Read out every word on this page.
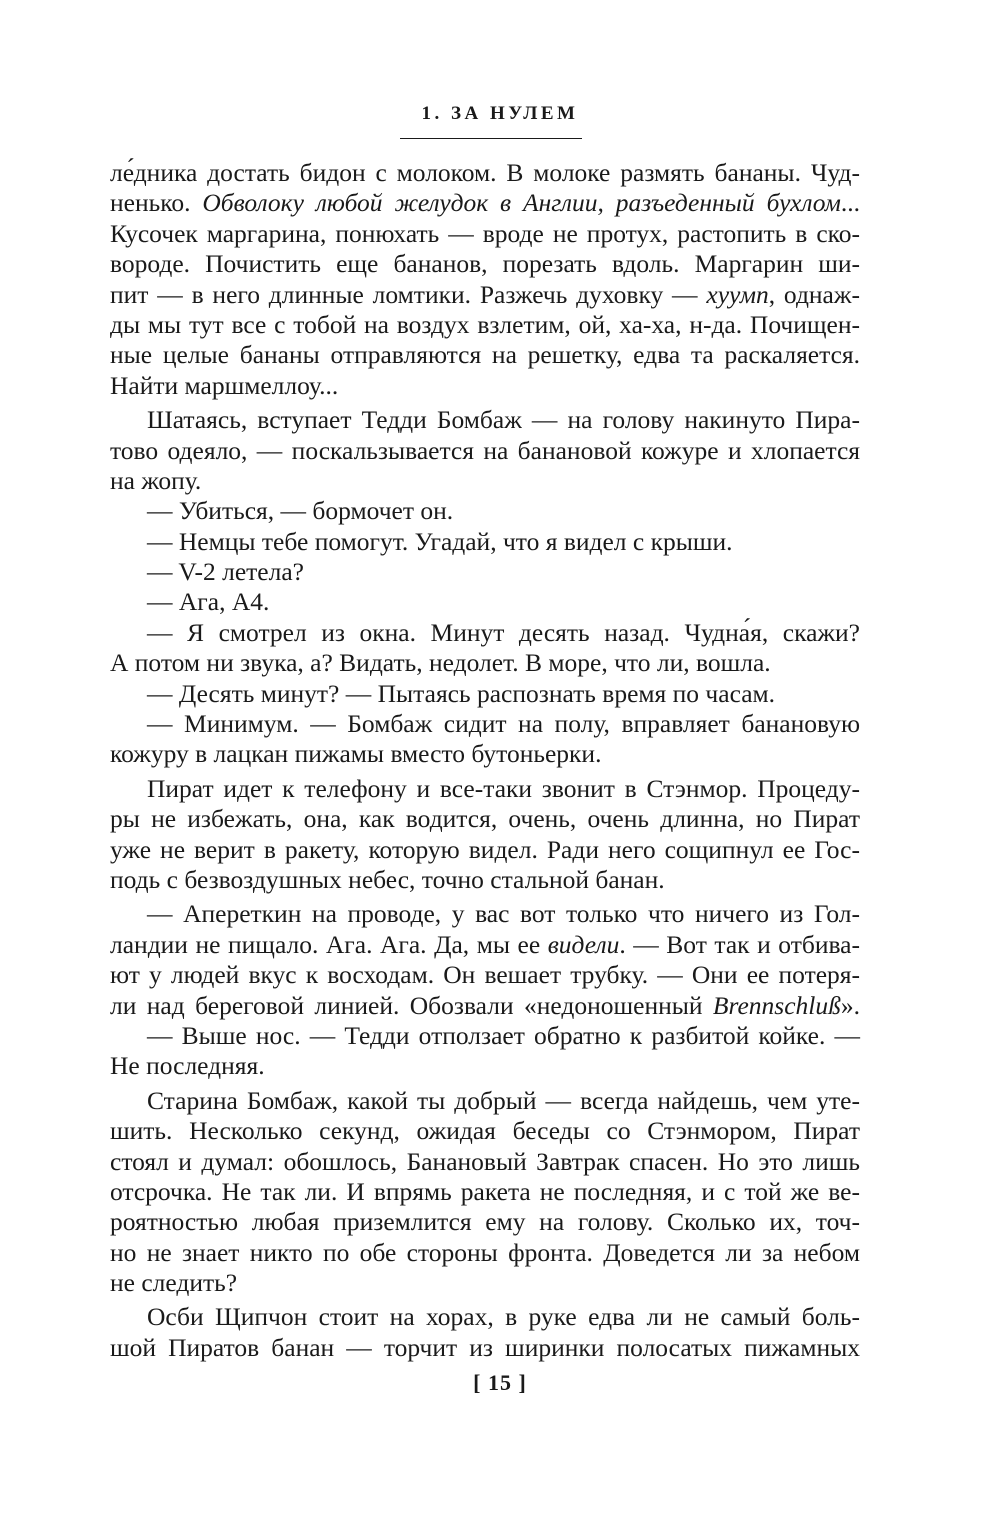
1. ЗА НУЛЕМ
ле́дника достать бидон с молоком. В молоке размять бананы. Чуд-
ненько. Обволоку любой желудок в Англии, разъеденный бухлом...
Кусочек маргарина, понюхать — вроде не протух, растопить в ско-
вороде. Почистить еще бананов, порезать вдоль. Маргарин ши-
пит — в него длинные ломтики. Разжечь духовку — хуумп, однаж-
ды мы тут все с тобой на воздух взлетим, ой, ха-ха, н-да. Почищен-
ные целые бананы отправляются на решетку, едва та раскаляется.
Найти маршмеллоу...
Шатаясь, вступает Тедди Бомбаж — на голову накинуто Пира-
тово одеяло, — поскальзывается на банановой кожуре и хлопается
на жопу.
— Убиться, — бормочет он.
— Немцы тебе помогут. Угадай, что я видел с крыши.
— V-2 летела?
— Ага, А4.
— Я смотрел из окна. Минут десять назад. Чудна́я, скажи?
А потом ни звука, а? Видать, недолет. В море, что ли, вошла.
— Десять минут? — Пытаясь распознать время по часам.
— Минимум. — Бомбаж сидит на полу, вправляет банановую
кожуру в лацкан пижамы вместо бутоньерки.
Пират идет к телефону и все-таки звонит в Стэнмор. Процеду-
ры не избежать, она, как водится, очень, очень длинна, но Пират
уже не верит в ракету, которую видел. Ради него сощипнул ее Гос-
подь с безвоздушных небес, точно стальной банан.
— Апереткин на проводе, у вас вот только что ничего из Гол-
ландии не пищало. Ага. Ага. Да, мы ее видели. — Вот так и отбива-
ют у людей вкус к восходам. Он вешает трубку. — Они ее потеря-
ли над береговой линией. Обозвали «недоношенный Brennschluß».
— Выше нос. — Тедди отползает обратно к разбитой койке. —
Не последняя.
Старина Бомбаж, какой ты добрый — всегда найдешь, чем уте-
шить. Несколько секунд, ожидая беседы со Стэнмором, Пират
стоял и думал: обошлось, Банановый Завтрак спасен. Но это лишь
отсрочка. Не так ли. И впрямь ракета не последняя, и с той же ве-
роятностью любая приземлится ему на голову. Сколько их, точ-
но не знает никто по обе стороны фронта. Доведется ли за небом
не следить?
Осби Щипчон стоит на хорах, в руке едва ли не самый боль-
шой Пиратов банан — торчит из ширинки полосатых пижамных
[ 15 ]
